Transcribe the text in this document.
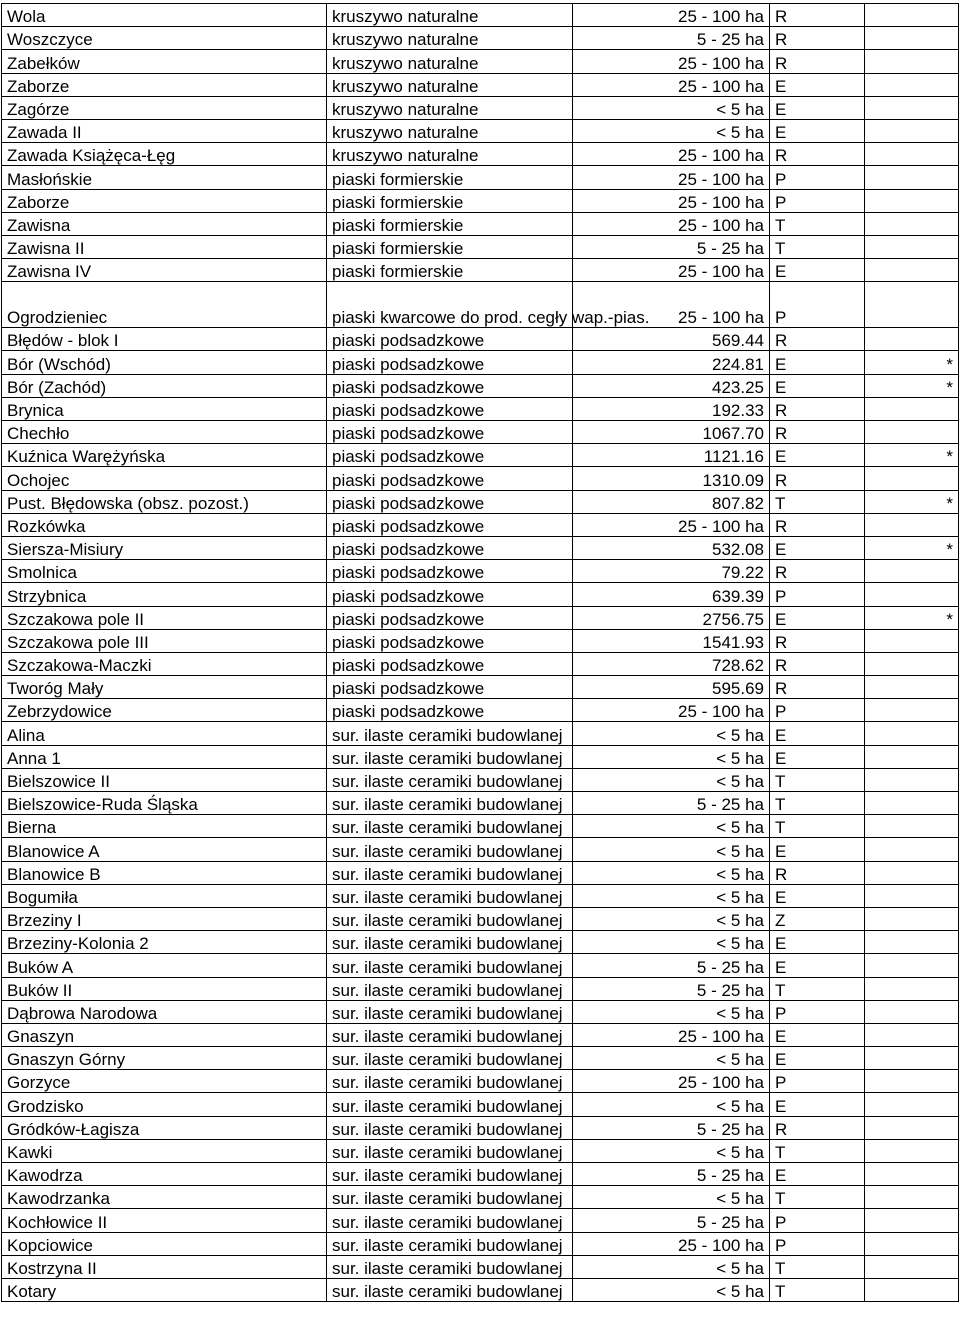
Wola	kruszywo naturalne	25 - 100 ha	R	
Woszczyce	kruszywo naturalne	5 - 25 ha	R	
Zabełków	kruszywo naturalne	25 - 100 ha	R	
Zaborze	kruszywo naturalne	25 - 100 ha	E	
Zagórze	kruszywo naturalne	< 5 ha	E	
Zawada II	kruszywo naturalne	< 5 ha	E	
Zawada Książęca-Łęg	kruszywo naturalne	25 - 100 ha	R	
Masłońskie	piaski formierskie	25 - 100 ha	P	
Zaborze	piaski formierskie	25 - 100 ha	P	
Zawisna	piaski formierskie	25 - 100 ha	T	
Zawisna II	piaski formierskie	5 - 25 ha	T	
Zawisna IV	piaski formierskie	25 - 100 ha	E	
Ogrodzieniec	piaski kwarcowe do prod. cegły wap.-pias.	25 - 100 ha	P	
Błędów - blok I	piaski podsadzkowe	569.44	R	
Bór (Wschód)	piaski podsadzkowe	224.81	E	*
Bór (Zachód)	piaski podsadzkowe	423.25	E	*
Brynica	piaski podsadzkowe	192.33	R	
Chechło	piaski podsadzkowe	1067.70	R	
Kuźnica Warężyńska	piaski podsadzkowe	1121.16	E	*
Ochojec	piaski podsadzkowe	1310.09	R	
Pust. Błędowska (obsz. pozost.)	piaski podsadzkowe	807.82	T	*
Rozkówka	piaski podsadzkowe	25 - 100 ha	R	
Siersza-Misiury	piaski podsadzkowe	532.08	E	*
Smolnica	piaski podsadzkowe	79.22	R	
Strzybnica	piaski podsadzkowe	639.39	P	
Szczakowa pole II	piaski podsadzkowe	2756.75	E	*
Szczakowa pole III	piaski podsadzkowe	1541.93	R	
Szczakowa-Maczki	piaski podsadzkowe	728.62	R	
Tworóg Mały	piaski podsadzkowe	595.69	R	
Zebrzydowice	piaski podsadzkowe	25 - 100 ha	P	
Alina	sur. ilaste ceramiki budowlanej	< 5 ha	E	
Anna 1	sur. ilaste ceramiki budowlanej	< 5 ha	E	
Bielszowice II	sur. ilaste ceramiki budowlanej	< 5 ha	T	
Bielszowice-Ruda Śląska	sur. ilaste ceramiki budowlanej	5 - 25 ha	T	
Bierna	sur. ilaste ceramiki budowlanej	< 5 ha	T	
Blanowice A	sur. ilaste ceramiki budowlanej	< 5 ha	E	
Blanowice B	sur. ilaste ceramiki budowlanej	< 5 ha	R	
Bogumiła	sur. ilaste ceramiki budowlanej	< 5 ha	E	
Brzeziny I	sur. ilaste ceramiki budowlanej	< 5 ha	Z	
Brzeziny-Kolonia 2	sur. ilaste ceramiki budowlanej	< 5 ha	E	
Buków A	sur. ilaste ceramiki budowlanej	5 - 25 ha	E	
Buków II	sur. ilaste ceramiki budowlanej	5 - 25 ha	T	
Dąbrowa Narodowa	sur. ilaste ceramiki budowlanej	< 5 ha	P	
Gnaszyn	sur. ilaste ceramiki budowlanej	25 - 100 ha	E	
Gnaszyn Górny	sur. ilaste ceramiki budowlanej	< 5 ha	E	
Gorzyce	sur. ilaste ceramiki budowlanej	25 - 100 ha	P	
Grodzisko	sur. ilaste ceramiki budowlanej	< 5 ha	E	
Gródków-Łagisza	sur. ilaste ceramiki budowlanej	5 - 25 ha	R	
Kawki	sur. ilaste ceramiki budowlanej	< 5 ha	T	
Kawodrza	sur. ilaste ceramiki budowlanej	5 - 25 ha	E	
Kawodrzanka	sur. ilaste ceramiki budowlanej	< 5 ha	T	
Kochłowice II	sur. ilaste ceramiki budowlanej	5 - 25 ha	P	
Kopciowice	sur. ilaste ceramiki budowlanej	25 - 100 ha	P	
Kostrzyna II	sur. ilaste ceramiki budowlanej	< 5 ha	T	
Kotary	sur. ilaste ceramiki budowlanej	< 5 ha	T	
